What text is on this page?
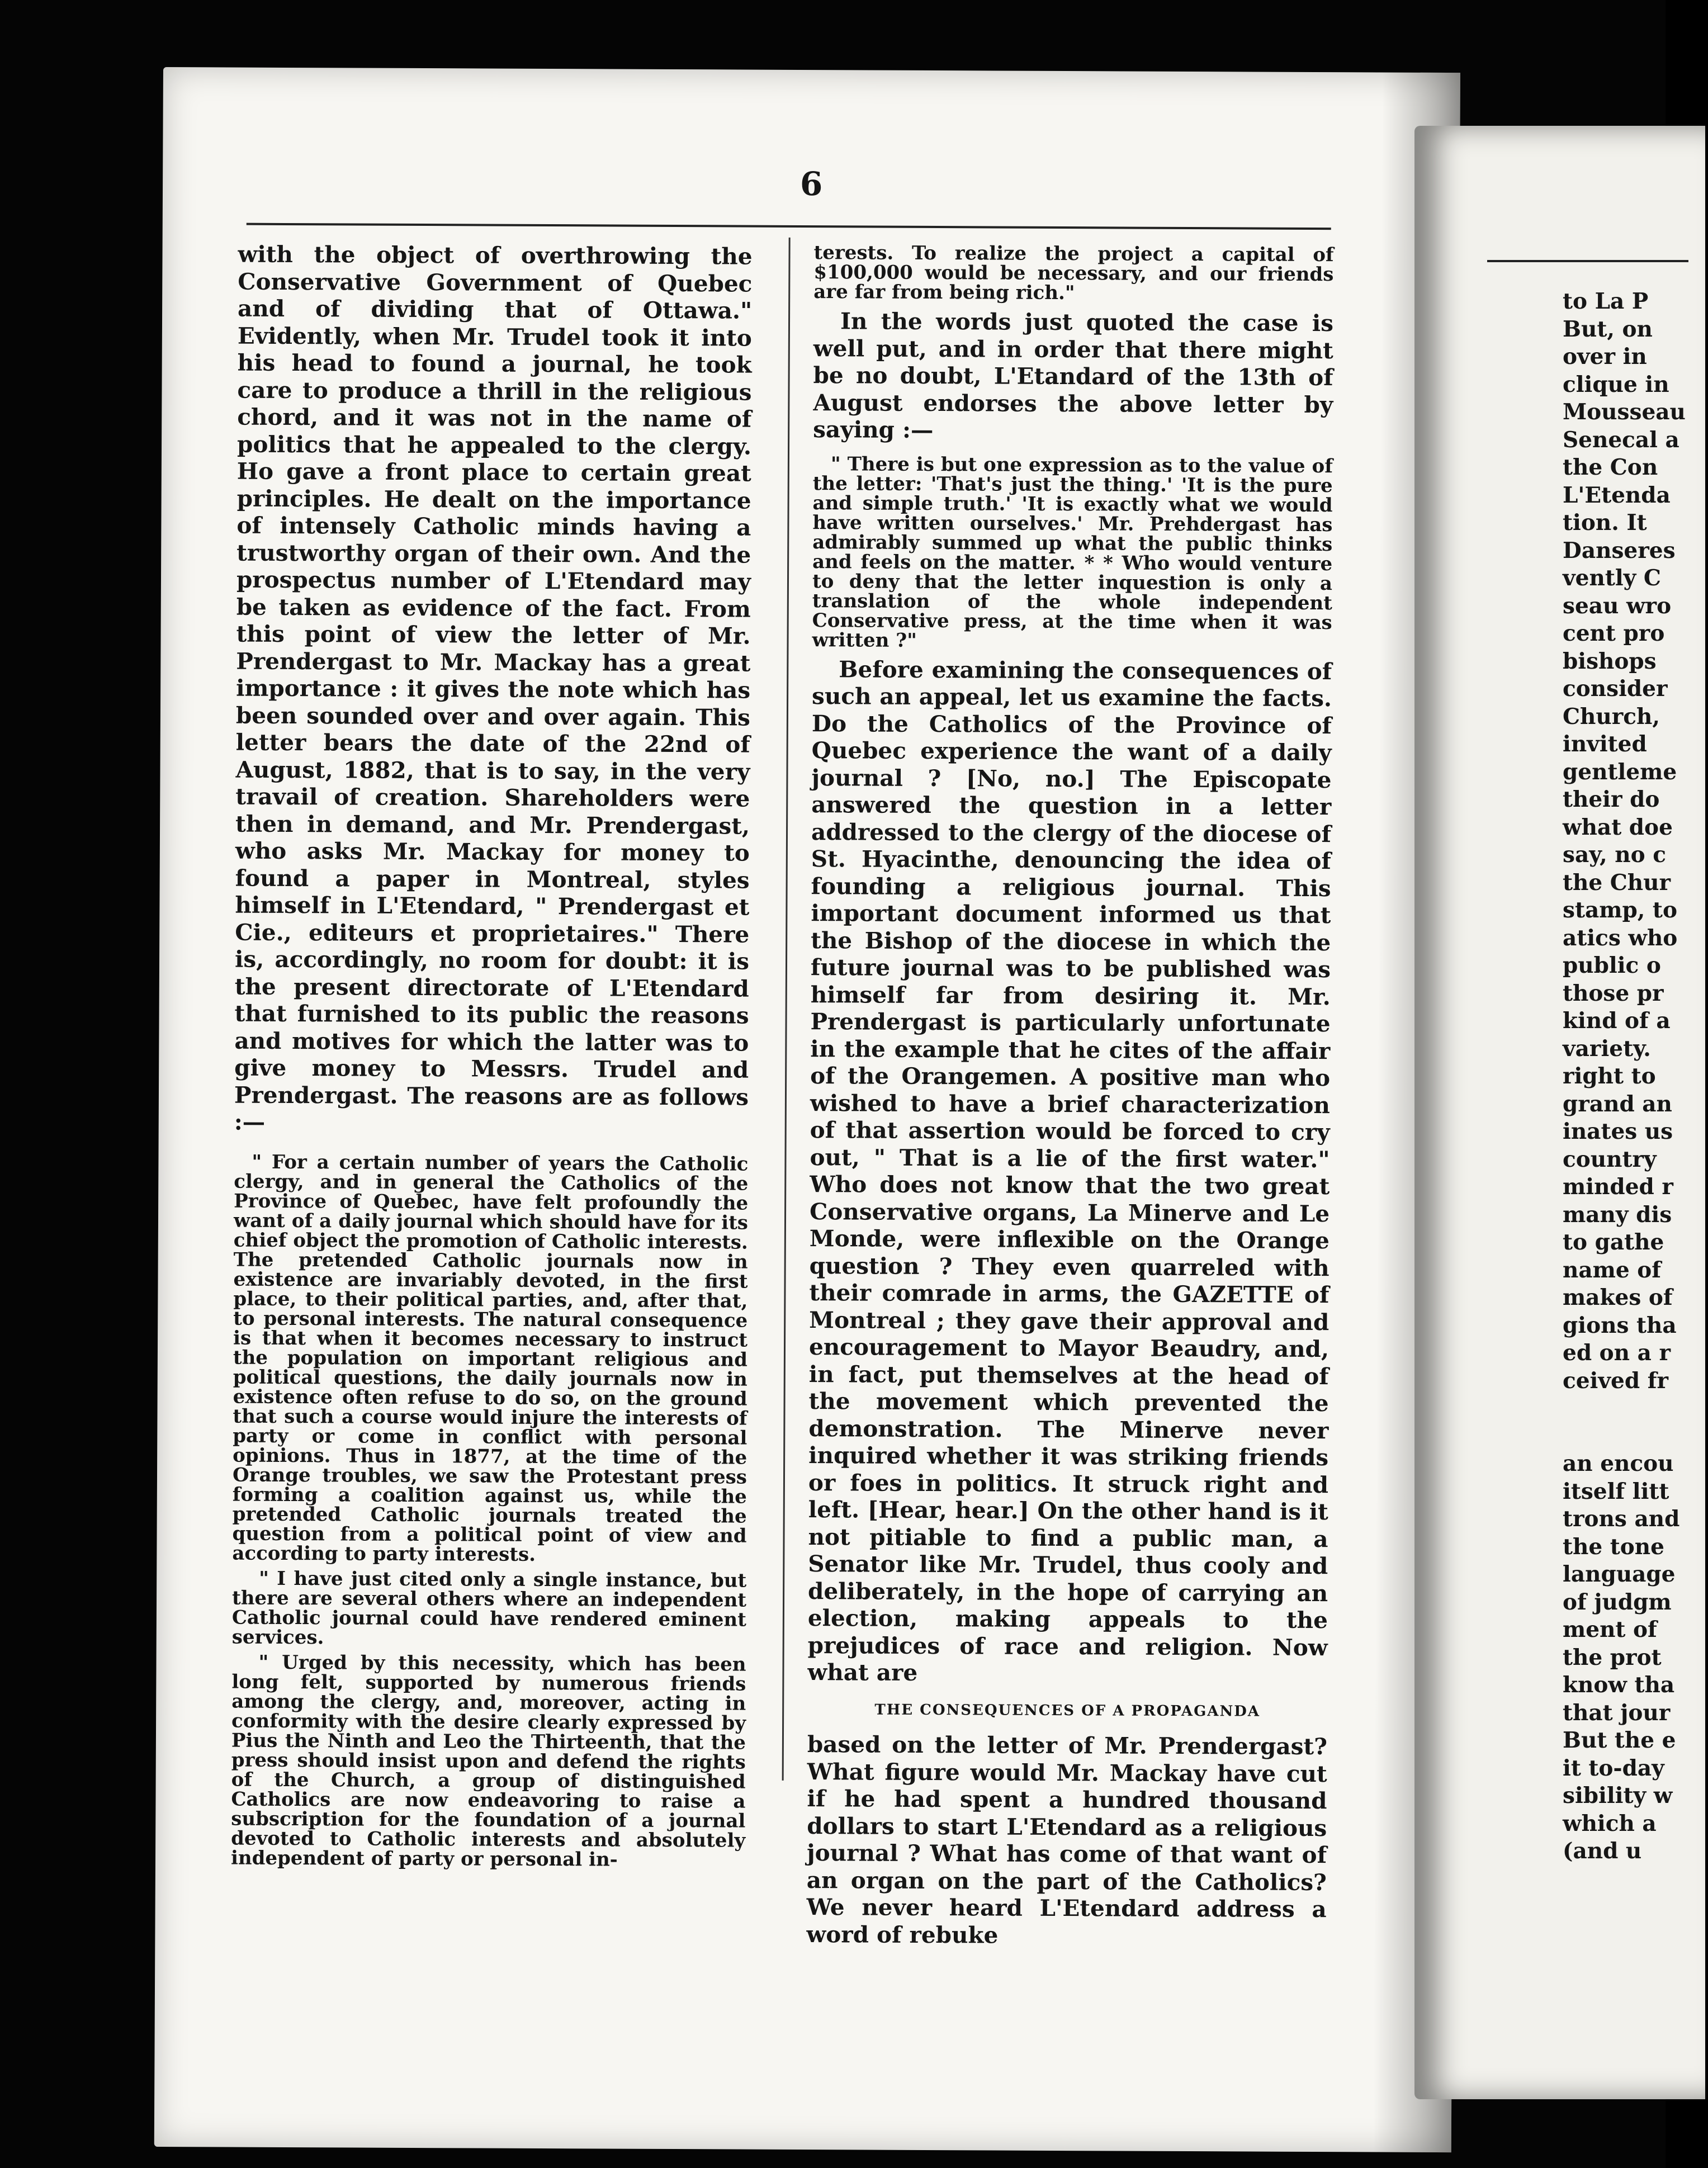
6

with the object of overthrowing the Conservative Government of Quebec and of dividing that of Ottawa." Evidently, when Mr. Trudel took it into his head to found a journal, he took care to produce a thrill in the religious chord, and it was not in the name of politics that he appealed to the clergy. Ho gave a front place to certain great principles. He dealt on the importance of intensely Catholic minds having a trustworthy organ of their own. And the prospectus number of L'Etendard may be taken as evidence of the fact. From this point of view the letter of Mr. Prendergast to Mr. Mackay has a great importance : it gives the note which has been sounded over and over again. This letter bears the date of the 22nd of August, 1882, that is to say, in the very travail of creation. Shareholders were then in demand, and Mr. Prendergast, who asks Mr. Mackay for money to found a paper in Montreal, styles himself in L'Etendard, " Prendergast et Cie., editeurs et proprietaires." There is, accordingly, no room for doubt: it is the present directorate of L'Etendard that furnished to its public the reasons and motives for which the latter was to give money to Messrs. Trudel and Prendergast. The reasons are as follows :—

" For a certain number of years the Catholic clergy, and in general the Catholics of the Province of Quebec, have felt profoundly the want of a daily journal which should have for its chief object the promotion of Catholic interests. The pretended Catholic journals now in existence are invariably devoted, in the first place, to their political parties, and, after that, to personal interests. The natural consequence is that when it becomes necessary to instruct the population on important religious and political questions, the daily journals now in existence often refuse to do so, on the ground that such a course would injure the interests of party or come in conflict with personal opinions. Thus in 1877, at the time of the Orange troubles, we saw the Protestant press forming a coalition against us, while the pretended Catholic journals treated the question from a political point of view and according to party interests.

" I have just cited only a single instance, but there are several others where an independent Catholic journal could have rendered eminent services.

" Urged by this necessity, which has been long felt, supported by numerous friends among the clergy, and, moreover, acting in conformity with the desire clearly expressed by Pius the Ninth and Leo the Thirteenth, that the press should insist upon and defend the rights of the Church, a group of distinguished Catholics are now endeavoring to raise a subscription for the foundation of a journal devoted to Catholic interests and absolutely independent of party or personal in-

terests. To realize the project a capital of $100,000 would be necessary, and our friends are far from being rich."

In the words just quoted the case is well put, and in order that there might be no doubt, L'Etandard of the 13th of August endorses the above letter by saying :—

" There is but one expression as to the value of the letter: 'That's just the thing.' 'It is the pure and simple truth.' 'It is exactly what we would have written ourselves.' Mr. Prehdergast has admirably summed up what the public thinks and feels on the matter. * * Who would venture to deny that the letter inquestion is only a translation of the whole independent Conservative press, at the time when it was written ?"

Before examining the consequences of such an appeal, let us examine the facts. Do the Catholics of the Province of Quebec experience the want of a daily journal ? [No, no.] The Episcopate answered the question in a letter addressed to the clergy of the diocese of St. Hyacinthe, denouncing the idea of founding a religious journal. This important document informed us that the Bishop of the diocese in which the future journal was to be published was himself far from desiring it. Mr. Prendergast is particularly unfortunate in the example that he cites of the affair of the Orangemen. A positive man who wished to have a brief characterization of that assertion would be forced to cry out, " That is a lie of the first water." Who does not know that the two great Conservative organs, La Minerve and Le Monde, were inflexible on the Orange question ? They even quarreled with their comrade in arms, the GAZETTE of Montreal ; they gave their approval and encouragement to Mayor Beaudry, and, in fact, put themselves at the head of the movement which prevented the demonstration. The Minerve never inquired whether it was striking friends or foes in politics. It struck right and left. [Hear, hear.] On the other hand is it not pitiable to find a public man, a Senator like Mr. Trudel, thus cooly and deliberately, in the hope of carrying an election, making appeals to the prejudices of race and religion. Now what are

THE CONSEQUENCES OF A PROPAGANDA

based on the letter of Mr. Prendergast? What figure would Mr. Mackay have cut if he had spent a hundred thousand dollars to start L'Etendard as a religious journal ? What has come of that want of an organ on the part of the Catholics? We never heard L'Etendard address a word of rebuke

to La P
But, on
over in
clique in
Mousseau
Senecal a
the Con
L'Etenda
tion. It
Danseres
vently C
seau wro
cent pro
bishops
consider
Church,
invited
gentleme
their do
what doe
say, no c
the Chur
stamp, to
atics who
public o
those pr
kind of a
variety.
right to
grand an
inates us
country
minded r
many dis
to gathe
name of
makes of
gions tha
ed on a r
ceived fr
an encou
itself litt
trons and
the tone
language
of judgm
ment of
the prot
know tha
that jour
But the e
it to-day
sibility w
which a
(and u
